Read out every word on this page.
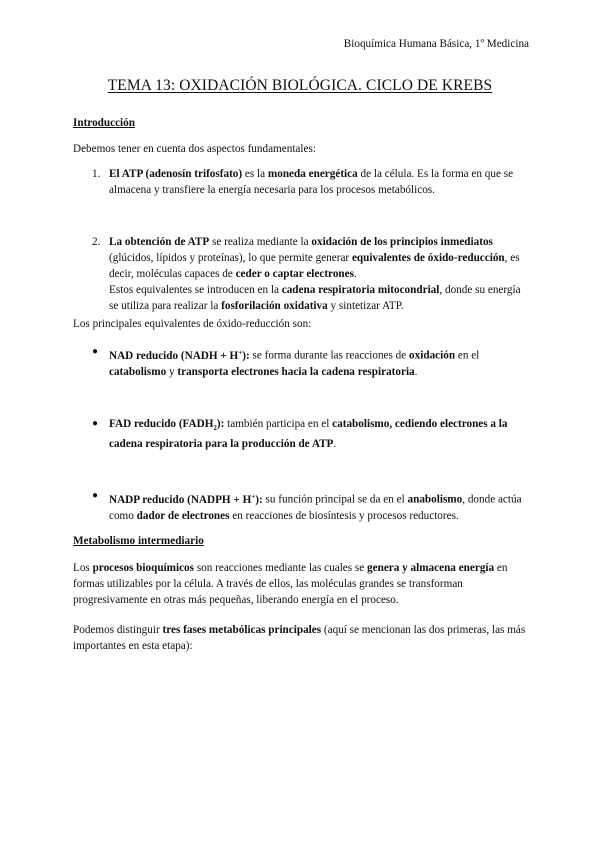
Bioquímica Humana Básica, 1º Medicina
TEMA 13: OXIDACIÓN BIOLÓGICA. CICLO DE KREBS
Introducción
Debemos tener en cuenta dos aspectos fundamentales:
1. El ATP (adenosín trifosfato) es la moneda energética de la célula. Es la forma en que se almacena y transfiere la energía necesaria para los procesos metabólicos.
2. La obtención de ATP se realiza mediante la oxidación de los principios inmediatos (glúcidos, lípidos y proteínas), lo que permite generar equivalentes de óxido-reducción, es decir, moléculas capaces de ceder o captar electrones.
Estos equivalentes se introducen en la cadena respiratoria mitocondrial, donde su energía se utiliza para realizar la fosforilación oxidativa y sintetizar ATP.
Los principales equivalentes de óxido-reducción son:
● NAD reducido (NADH + H+): se forma durante las reacciones de oxidación en el catabolismo y transporta electrones hacia la cadena respiratoria.
● FAD reducido $(FADH_2)$: también participa en el catabolismo, cediendo electrones a la cadena respiratoria para la producción de ATP.
● NADP reducido (NADPH + H+): su función principal se da en el anabolismo, donde actúa como dador de electrones en reacciones de biosíntesis y procesos reductores.
Metabolismo intermediario
Los procesos bioquímicos son reacciones mediante las cuales se genera y almacena energía en formas utilizables por la célula. A través de ellos, las moléculas grandes se transforman progresivamente en otras más pequeñas, liberando energía en el proceso.
Podemos distinguir tres fases metabólicas principales (aquí se mencionan las dos primeras, las más importantes en esta etapa):
